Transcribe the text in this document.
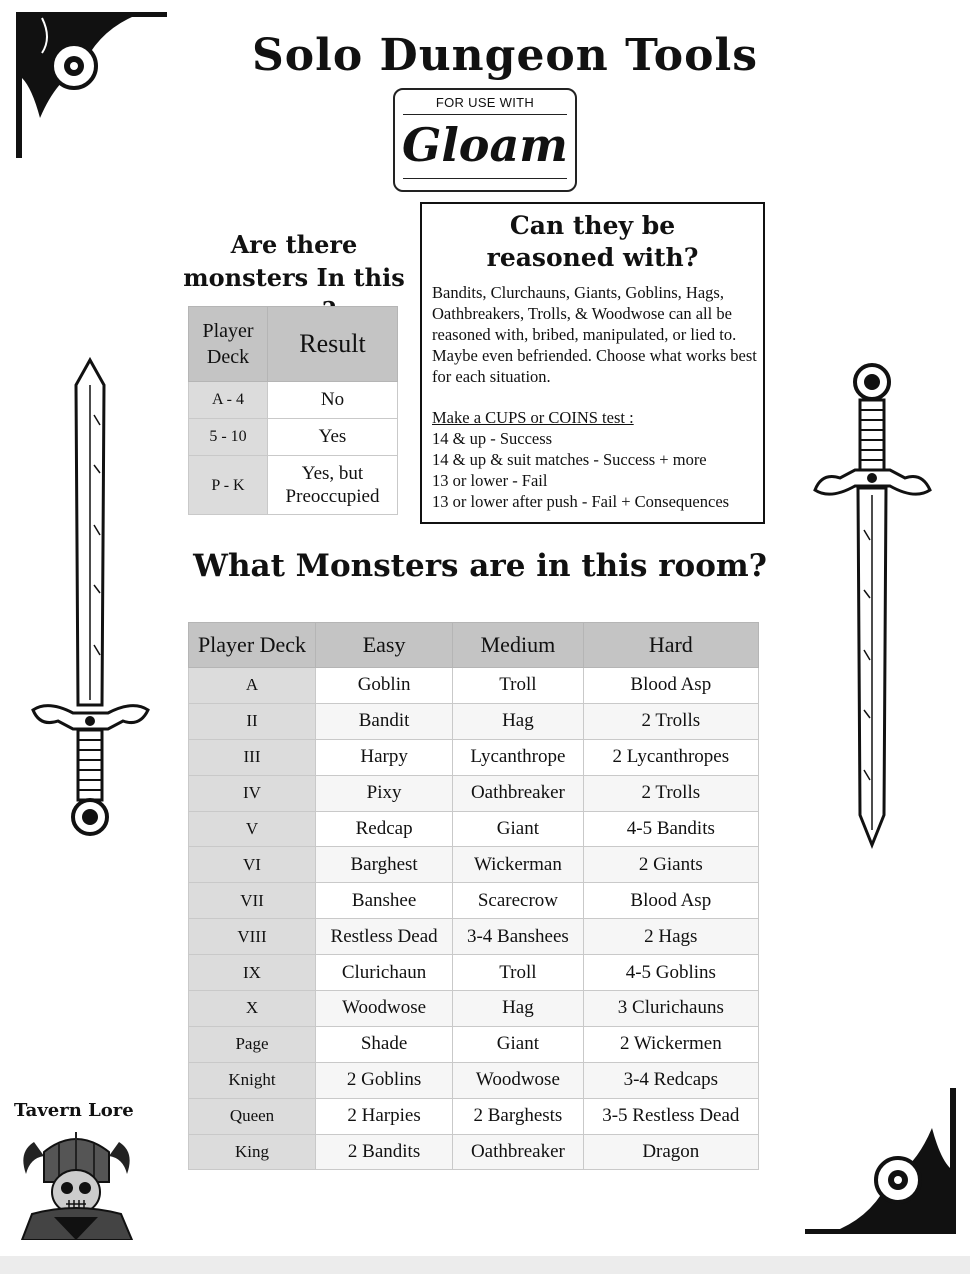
Solo Dungeon Tools
FOR USE WITH
Gloam
Are there monsters In this
Player Deck	Result
A - 4	No
5 - 10	Yes
P - K	Yes, but Preoccupied
Can they be reasoned with?
Bandits, Clurchauns, Giants, Goblins, Hags, Oathbreakers, Trolls, & Woodwose can all be reasoned with, bribed, manipulated, or lied to. Maybe even befriended. Choose what works best for each situation.
Make a CUPS or COINS test :
14 & up - Success
14 & up & suit matches - Success + more
13 or lower - Fail
13 or lower after push - Fail + Consequences
What Monsters are in this room?
Player Deck	Easy	Medium	Hard
A	Goblin	Troll	Blood Asp
II	Bandit	Hag	2 Trolls
III	Harpy	Lycanthrope	2 Lycanthropes
IV	Pixy	Oathbreaker	2 Trolls
V	Redcap	Giant	4-5 Bandits
VI	Barghest	Wickerman	2 Giants
VII	Banshee	Scarecrow	Blood Asp
VIII	Restless Dead	3-4 Banshees	2 Hags
IX	Clurichaun	Troll	4-5 Goblins
X	Woodwose	Hag	3 Clurichauns
Page	Shade	Giant	2 Wickermen
Knight	2 Goblins	Woodwose	3-4 Redcaps
Queen	2 Harpies	2 Barghests	3-5 Restless Dead
King	2 Bandits	Oathbreaker	Dragon
Tavern Lore
